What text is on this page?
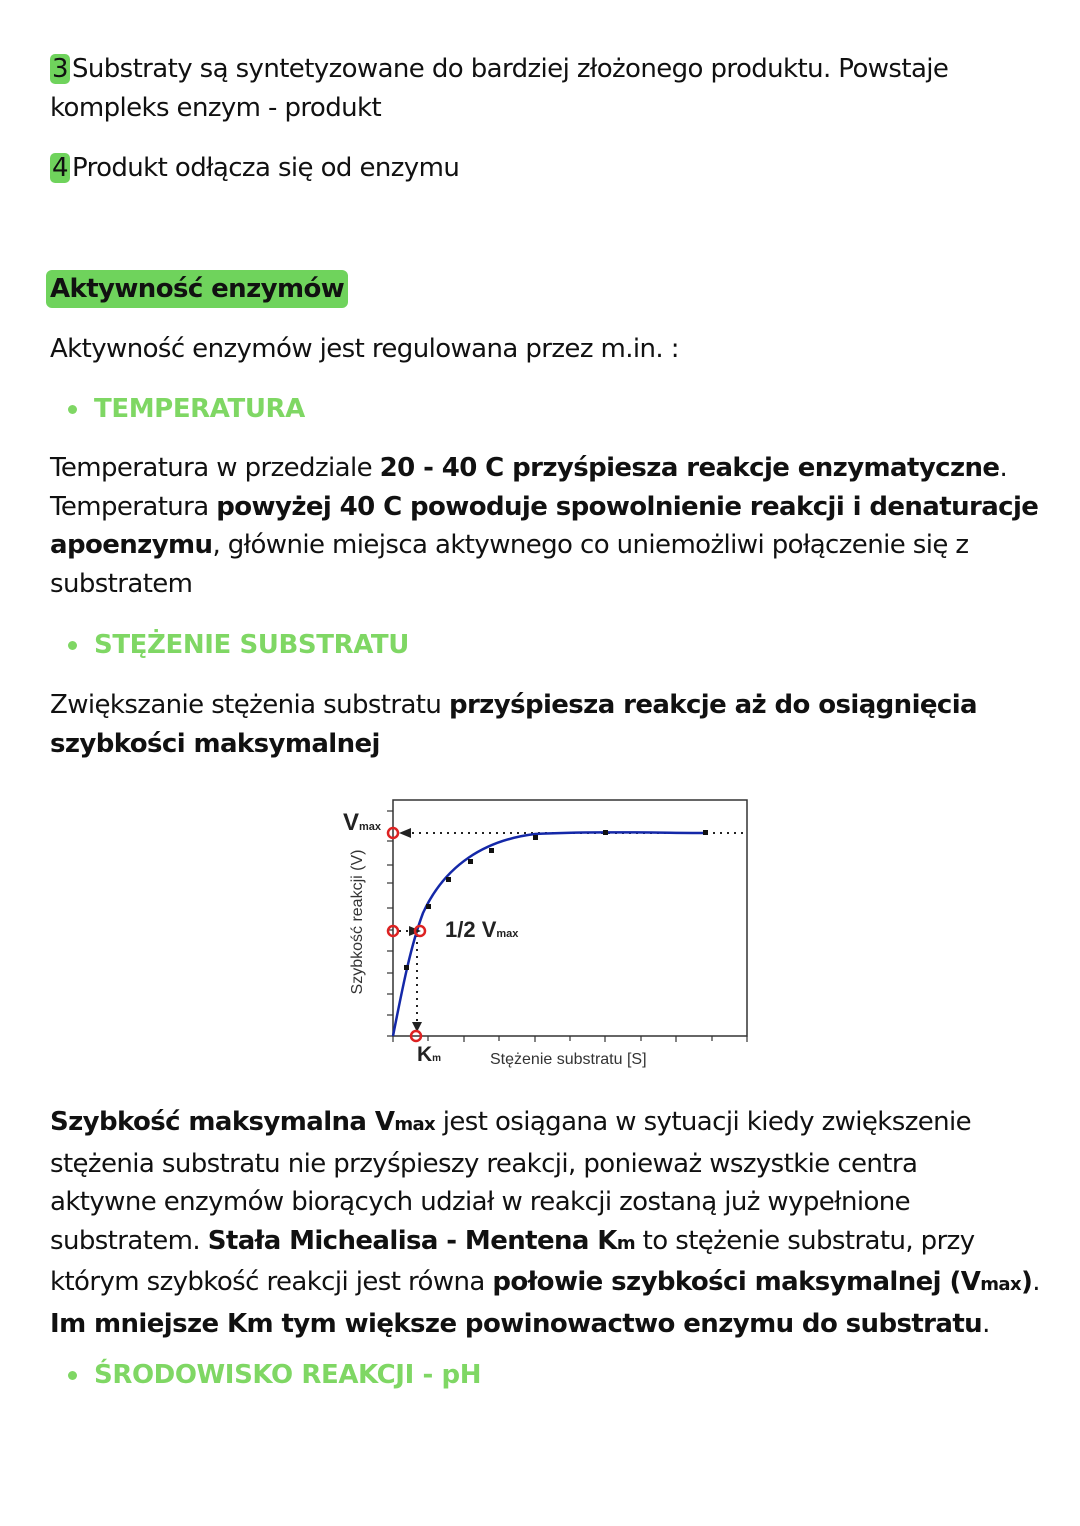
3 Substraty są syntetyzowane do bardziej złożonego produktu. Powstaje
kompleks enzym - produkt

4 Produkt odłącza się od enzymu

Aktywność enzymów

Aktywność enzymów jest regulowana przez m.in. :

TEMPERATURA

Temperatura w przedziale 20 - 40 C przyśpiesza reakcje enzymatyczne.
Temperatura powyżej 40 C powoduje spowolnienie reakcji i denaturacje
apoenzymu, głównie miejsca aktywnego co uniemożliwi połączenie się z
substratem

STĘŻENIE SUBSTRATU

Zwiększanie stężenia substratu przyśpiesza reakcje aż do osiągnięcia
szybkości maksymalnej

Szybkość maksymalna Vmax jest osiągana w sytuacji kiedy zwiększenie
stężenia substratu nie przyśpieszy reakcji, ponieważ wszystkie centra
aktywne enzymów biorących udział w reakcji zostaną już wypełnione
substratem. Stała Michealisa - Mentena Km to stężenie substratu, przy
którym szybkość reakcji jest równa połowie szybkości maksymalnej (Vmax).
Im mniejsze Km tym większe powinowactwo enzymu do substratu.

ŚRODOWISKO REAKCJI - pH
Vmax
1/2 Vmax
Km	Stężenie substratu [S]
Szybkość reakcji (V)
